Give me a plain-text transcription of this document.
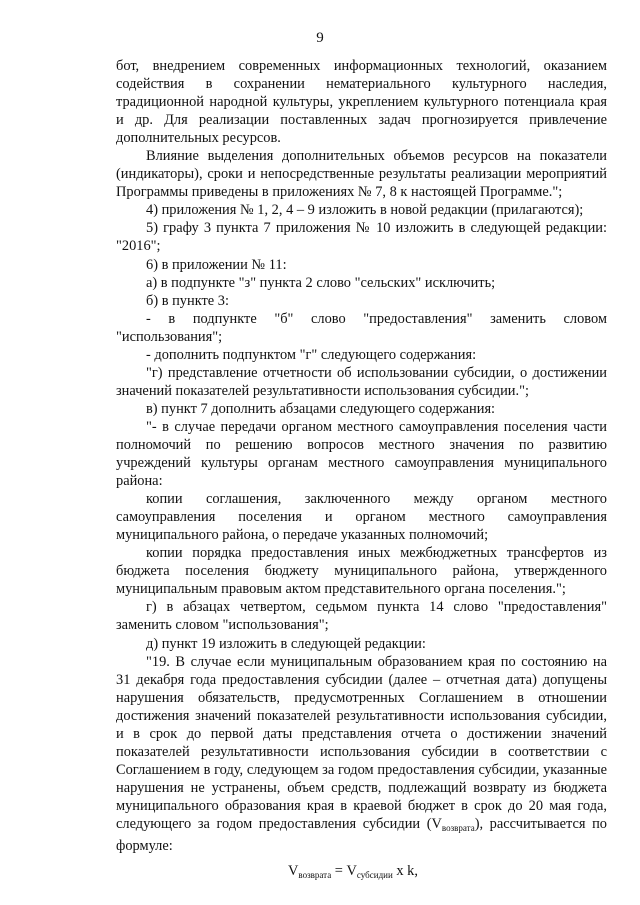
9

бот, внедрением современных информационных технологий, оказанием содействия в сохранении нематериального культурного наследия, традиционной народной культуры, укреплением культурного потенциала края и др. Для реализации поставленных задач прогнозируется привлечение дополнительных ресурсов.

Влияние выделения дополнительных объемов ресурсов на показатели (индикаторы), сроки и непосредственные результаты реализации мероприятий Программы приведены в приложениях № 7, 8 к настоящей Программе.";

4) приложения № 1, 2, 4 – 9 изложить в новой редакции (прилагаются);

5) графу 3 пункта 7 приложения № 10 изложить в следующей редакции: "2016";

6) в приложении № 11:

а) в подпункте "з" пункта 2 слово "сельских" исключить;

б) в пункте 3:

- в подпункте "б" слово "предоставления" заменить словом "использования";

- дополнить подпунктом "г" следующего содержания:

"г) представление отчетности об использовании субсидии, о достижении значений показателей результативности использования субсидии.";

в) пункт 7 дополнить абзацами следующего содержания:

"- в случае передачи органом местного самоуправления поселения части полномочий по решению вопросов местного значения по развитию учреждений культуры органам местного самоуправления муниципального района:

копии соглашения, заключенного между органом местного самоуправления поселения и органом местного самоуправления муниципального района, о передаче указанных полномочий;

копии порядка предоставления иных межбюджетных трансфертов из бюджета поселения бюджету муниципального района, утвержденного муниципальным правовым актом представительного органа поселения.";

г) в абзацах четвертом, седьмом пункта 14 слово "предоставления" заменить словом "использования";

д) пункт 19 изложить в следующей редакции:

"19. В случае если муниципальным образованием края по состоянию на 31 декабря года предоставления субсидии (далее – отчетная дата) допущены нарушения обязательств, предусмотренных Соглашением в отношении достижения значений показателей результативности использования субсидии, и в срок до первой даты представления отчета о достижении значений показателей результативности использования субсидии в соответствии с Соглашением в году, следующем за годом предоставления субсидии, указанные нарушения не устранены, объем средств, подлежащий возврату из бюджета муниципального образования края в краевой бюджет в срок до 20 мая года, следующего за годом предоставления субсидии $(V_{возврата})$, рассчитывается по формуле:

$V_{возврата} = V_{субсидии}$ x k,
